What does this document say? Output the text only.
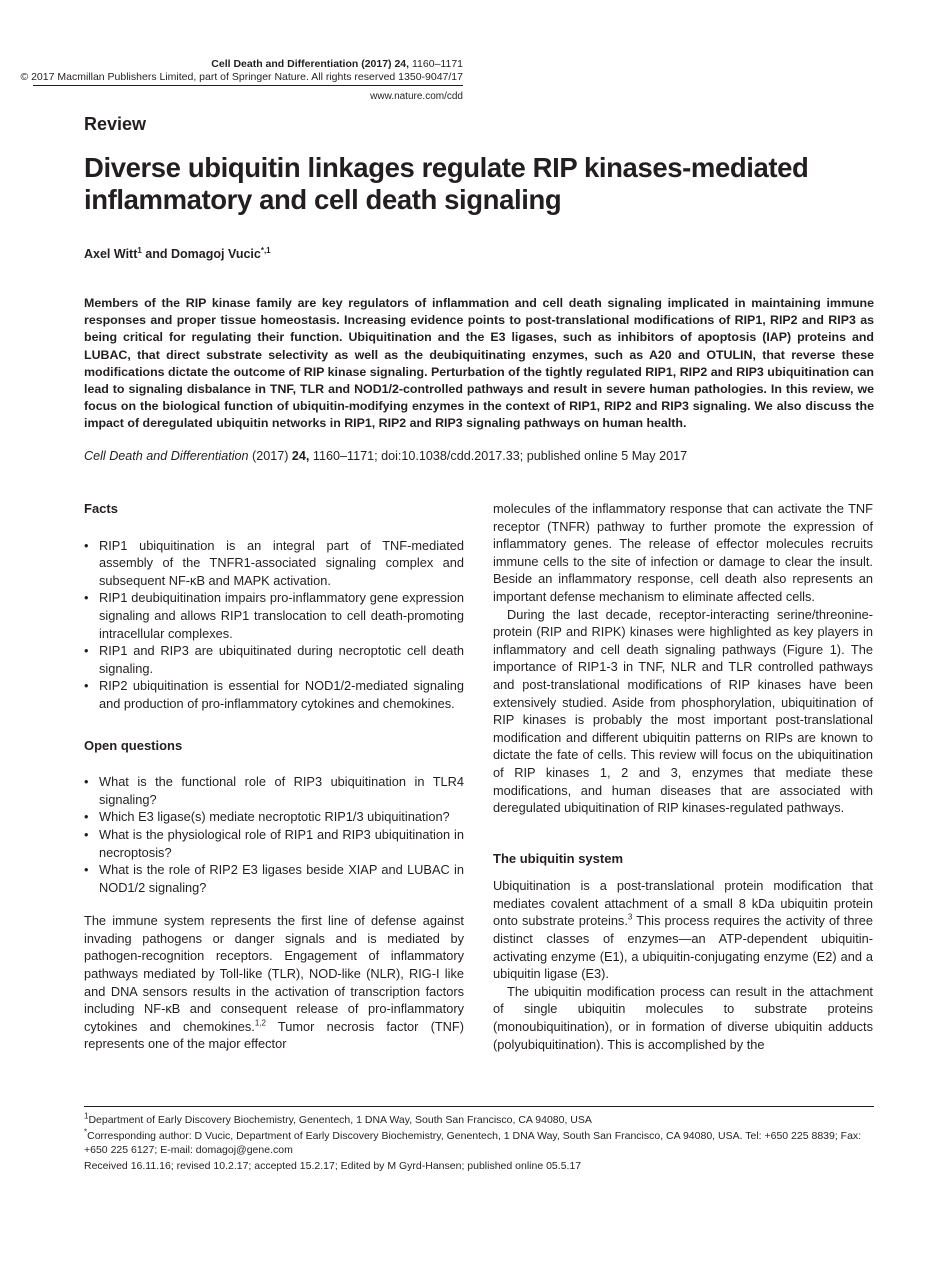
Cell Death and Differentiation (2017) 24, 1160–1171
© 2017 Macmillan Publishers Limited, part of Springer Nature. All rights reserved 1350-9047/17
www.nature.com/cdd
Review
Diverse ubiquitin linkages regulate RIP kinases-mediated inflammatory and cell death signaling
Axel Witt$^1$ and Domagoj Vucic$^{*,1}$
Members of the RIP kinase family are key regulators of inflammation and cell death signaling implicated in maintaining immune responses and proper tissue homeostasis. Increasing evidence points to post-translational modifications of RIP1, RIP2 and RIP3 as being critical for regulating their function. Ubiquitination and the E3 ligases, such as inhibitors of apoptosis (IAP) proteins and LUBAC, that direct substrate selectivity as well as the deubiquitinating enzymes, such as A20 and OTULIN, that reverse these modifications dictate the outcome of RIP kinase signaling. Perturbation of the tightly regulated RIP1, RIP2 and RIP3 ubiquitination can lead to signaling disbalance in TNF, TLR and NOD1/2-controlled pathways and result in severe human pathologies. In this review, we focus on the biological function of ubiquitin-modifying enzymes in the context of RIP1, RIP2 and RIP3 signaling. We also discuss the impact of deregulated ubiquitin networks in RIP1, RIP2 and RIP3 signaling pathways on human health.
Cell Death and Differentiation (2017) 24, 1160–1171; doi:10.1038/cdd.2017.33; published online 5 May 2017
Facts
• RIP1 ubiquitination is an integral part of TNF-mediated assembly of the TNFR1-associated signaling complex and subsequent NF-κB and MAPK activation.
• RIP1 deubiquitination impairs pro-inflammatory gene expression signaling and allows RIP1 translocation to cell death-promoting intracellular complexes.
• RIP1 and RIP3 are ubiquitinated during necroptotic cell death signaling.
• RIP2 ubiquitination is essential for NOD1/2-mediated signaling and production of pro-inflammatory cytokines and chemokines.
Open questions
• What is the functional role of RIP3 ubiquitination in TLR4 signaling?
• Which E3 ligase(s) mediate necroptotic RIP1/3 ubiquitination?
• What is the physiological role of RIP1 and RIP3 ubiquitination in necroptosis?
• What is the role of RIP2 E3 ligases beside XIAP and LUBAC in NOD1/2 signaling?

The immune system represents the first line of defense against invading pathogens or danger signals and is mediated by pathogen-recognition receptors. Engagement of inflammatory pathways mediated by Toll-like (TLR), NOD-like (NLR), RIG-I like and DNA sensors results in the activation of transcription factors including NF-κB and consequent release of pro-inflammatory cytokines and chemokines.$^{1,2}$ Tumor necrosis factor (TNF) represents one of the major effector

molecules of the inflammatory response that can activate the TNF receptor (TNFR) pathway to further promote the expression of inflammatory genes. The release of effector molecules recruits immune cells to the site of infection or damage to clear the insult. Beside an inflammatory response, cell death also represents an important defense mechanism to eliminate affected cells.

During the last decade, receptor-interacting serine/threonine-protein (RIP and RIPK) kinases were highlighted as key players in inflammatory and cell death signaling pathways (Figure 1). The importance of RIP1-3 in TNF, NLR and TLR controlled pathways and post-translational modifications of RIP kinases have been extensively studied. Aside from phosphorylation, ubiquitination of RIP kinases is probably the most important post-translational modification and different ubiquitin patterns on RIPs are known to dictate the fate of cells. This review will focus on the ubiquitination of RIP kinases 1, 2 and 3, enzymes that mediate these modifications, and human diseases that are associated with deregulated ubiquitination of RIP kinases-regulated pathways.

The ubiquitin system

Ubiquitination is a post-translational protein modification that mediates covalent attachment of a small 8 kDa ubiquitin protein onto substrate proteins.$^3$ This process requires the activity of three distinct classes of enzymes—an ATP-dependent ubiquitin-activating enzyme (E1), a ubiquitin-conjugating enzyme (E2) and a ubiquitin ligase (E3).

The ubiquitin modification process can result in the attachment of single ubiquitin molecules to substrate proteins (monoubiquitination), or in formation of diverse ubiquitin adducts (polyubiquitination). This is accomplished by the

$^1$Department of Early Discovery Biochemistry, Genentech, 1 DNA Way, South San Francisco, CA 94080, USA
*Corresponding author: D Vucic, Department of Early Discovery Biochemistry, Genentech, 1 DNA Way, South San Francisco, CA 94080, USA. Tel: +650 225 8839; Fax: +650 225 6127; E-mail: domagoj@gene.com
Received 16.11.16; revised 10.2.17; accepted 15.2.17; Edited by M Gyrd-Hansen; published online 05.5.17
